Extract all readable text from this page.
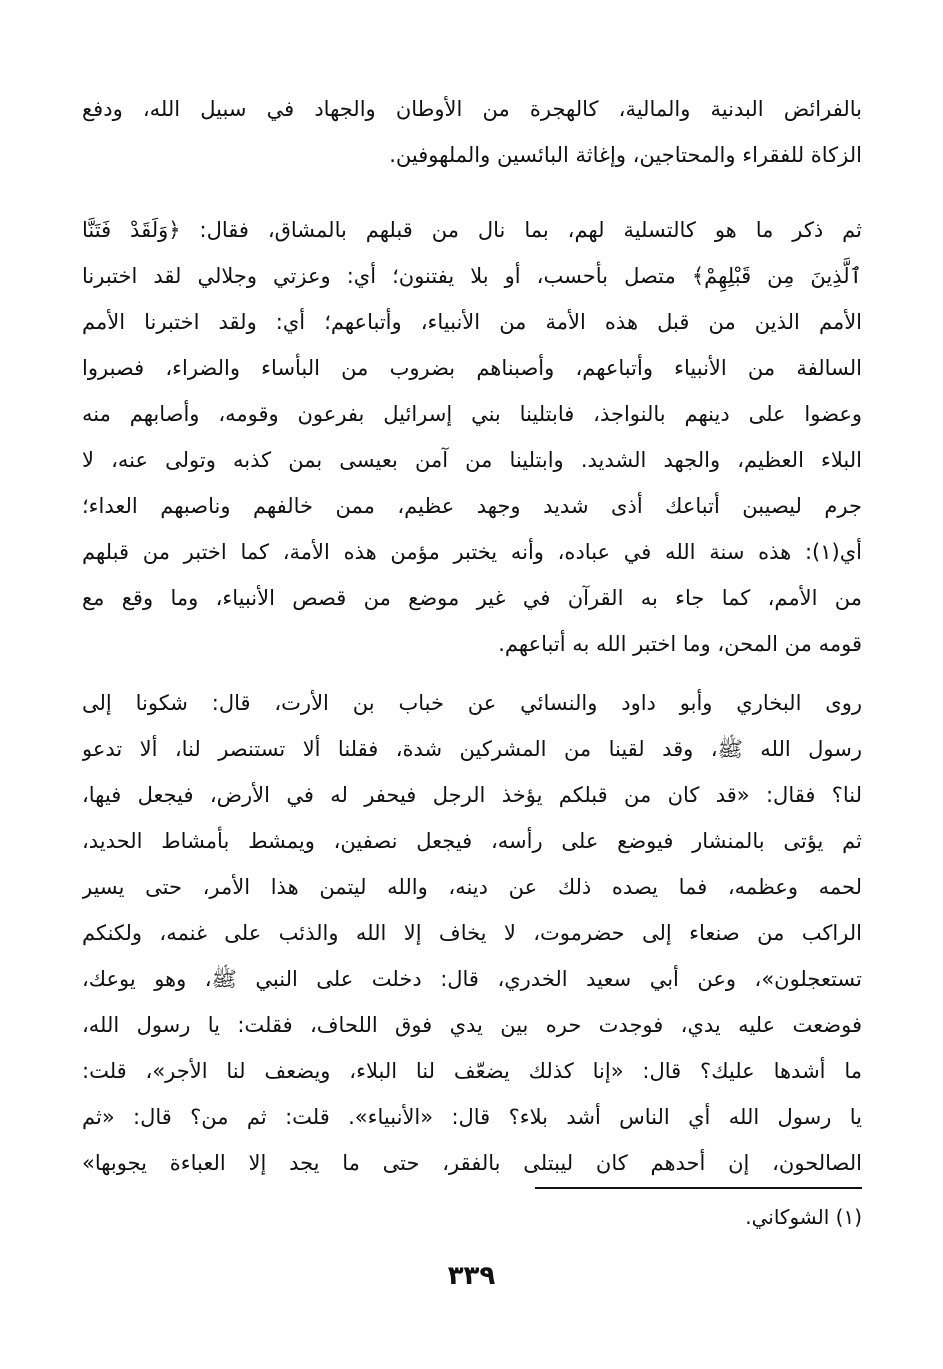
بالفرائض البدنية والمالية، كالهجرة من الأوطان والجهاد في سبيل الله، ودفع
الزكاة للفقراء والمحتاجين، وإغاثة البائسين والملهوفين.
ثم ذكر ما هو كالتسلية لهم، بما نال من قبلهم بالمشاق، فقال: ﴿وَلَقَدْ فَتَنَّا
ٱلَّذِينَ مِن قَبْلِهِمْ﴾ متصل بأحسب، أو بلا يفتنون؛ أي: وعزتي وجلالي لقد اختبرنا
الأمم الذين من قبل هذه الأمة من الأنبياء، وأتباعهم؛ أي: ولقد اختبرنا الأمم
السالفة من الأنبياء وأتباعهم، وأصبناهم بضروب من البأساء والضراء، فصبروا
وعضوا على دينهم بالنواجذ، فابتلينا بني إسرائيل بفرعون وقومه، وأصابهم منه
البلاء العظيم، والجهد الشديد. وابتلينا من آمن بعيسى بمن كذبه وتولى عنه، لا
جرم ليصيبن أتباعك أذى شديد وجهد عظيم، ممن خالفهم وناصبهم العداء؛
أي(١): هذه سنة الله في عباده، وأنه يختبر مؤمن هذه الأمة، كما اختبر من قبلهم
من الأمم، كما جاء به القرآن في غير موضع من قصص الأنبياء، وما وقع مع
قومه من المحن، وما اختبر الله به أتباعهم.
روى البخاري وأبو داود والنسائي عن خباب بن الأرت، قال: شكونا إلى
رسول الله ﷺ، وقد لقينا من المشركين شدة، فقلنا ألا تستنصر لنا، ألا تدعو
لنا؟ فقال: «قد كان من قبلكم يؤخذ الرجل فيحفر له في الأرض، فيجعل فيها،
ثم يؤتى بالمنشار فيوضع على رأسه، فيجعل نصفين، ويمشط بأمشاط الحديد،
لحمه وعظمه، فما يصده ذلك عن دينه، والله ليتمن هذا الأمر، حتى يسير
الراكب من صنعاء إلى حضرموت، لا يخاف إلا الله والذئب على غنمه، ولكنكم
تستعجلون»، وعن أبي سعيد الخدري، قال: دخلت على النبي ﷺ، وهو يوعك،
فوضعت عليه يدي، فوجدت حره بين يدي فوق اللحاف، فقلت: يا رسول الله،
ما أشدها عليك؟ قال: «إنا كذلك يضعّف لنا البلاء، ويضعف لنا الأجر»، قلت:
يا رسول الله أي الناس أشد بلاء؟ قال: «الأنبياء». قلت: ثم من؟ قال: «ثم
الصالحون، إن أحدهم كان ليبتلى بالفقر، حتى ما يجد إلا العباءة يجوبها»
(١) الشوكاني.
٣٣٩
